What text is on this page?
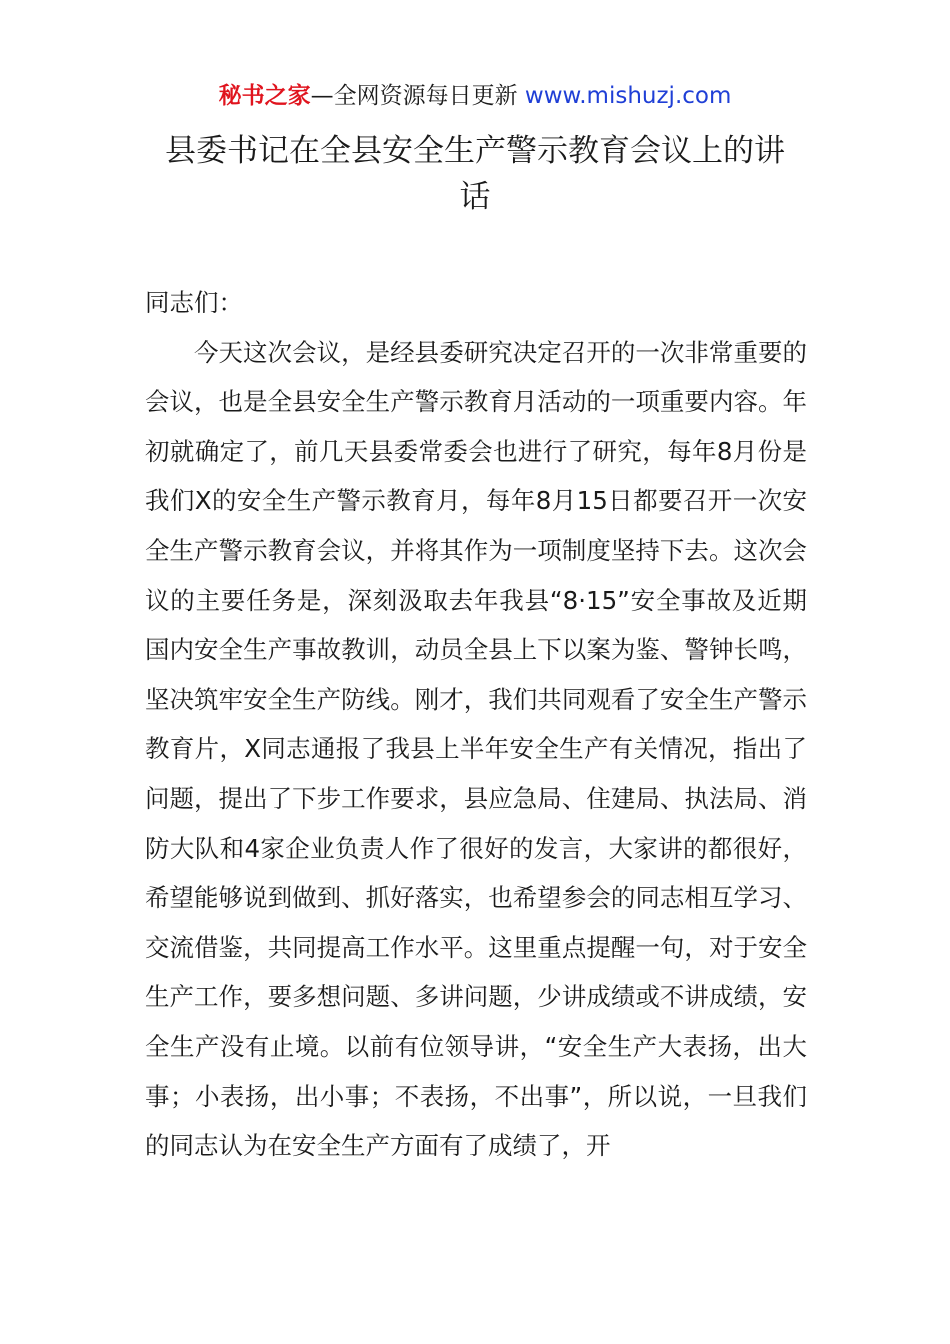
秘书之家—全网资源每日更新 www.mishuzj.com
县委书记在全县安全生产警示教育会议上的讲话

同志们：

今天这次会议，是经县委研究决定召开的一次非常重要的会议，也是全县安全生产警示教育月活动的一项重要内容。年初就确定了，前几天县委常委会也进行了研究，每年8月份是我们X的安全生产警示教育月，每年8月15日都要召开一次安全生产警示教育会议，并将其作为一项制度坚持下去。这次会议的主要任务是，深刻汲取去年我县“8·15”安全事故及近期国内安全生产事故教训，动员全县上下以案为鉴、警钟长鸣，坚决筑牢安全生产防线。刚才，我们共同观看了安全生产警示教育片，X同志通报了我县上半年安全生产有关情况，指出了问题，提出了下步工作要求，县应急局、住建局、执法局、消防大队和4家企业负责人作了很好的发言，大家讲的都很好，希望能够说到做到、抓好落实，也希望参会的同志相互学习、交流借鉴，共同提高工作水平。这里重点提醒一句，对于安全生产工作，要多想问题、多讲问题，少讲成绩或不讲成绩，安全生产没有止境。以前有位领导讲，“安全生产大表扬，出大事；小表扬，出小事；不表扬，不出事”，所以说，一旦我们的同志认为在安全生产方面有了成绩了，开
